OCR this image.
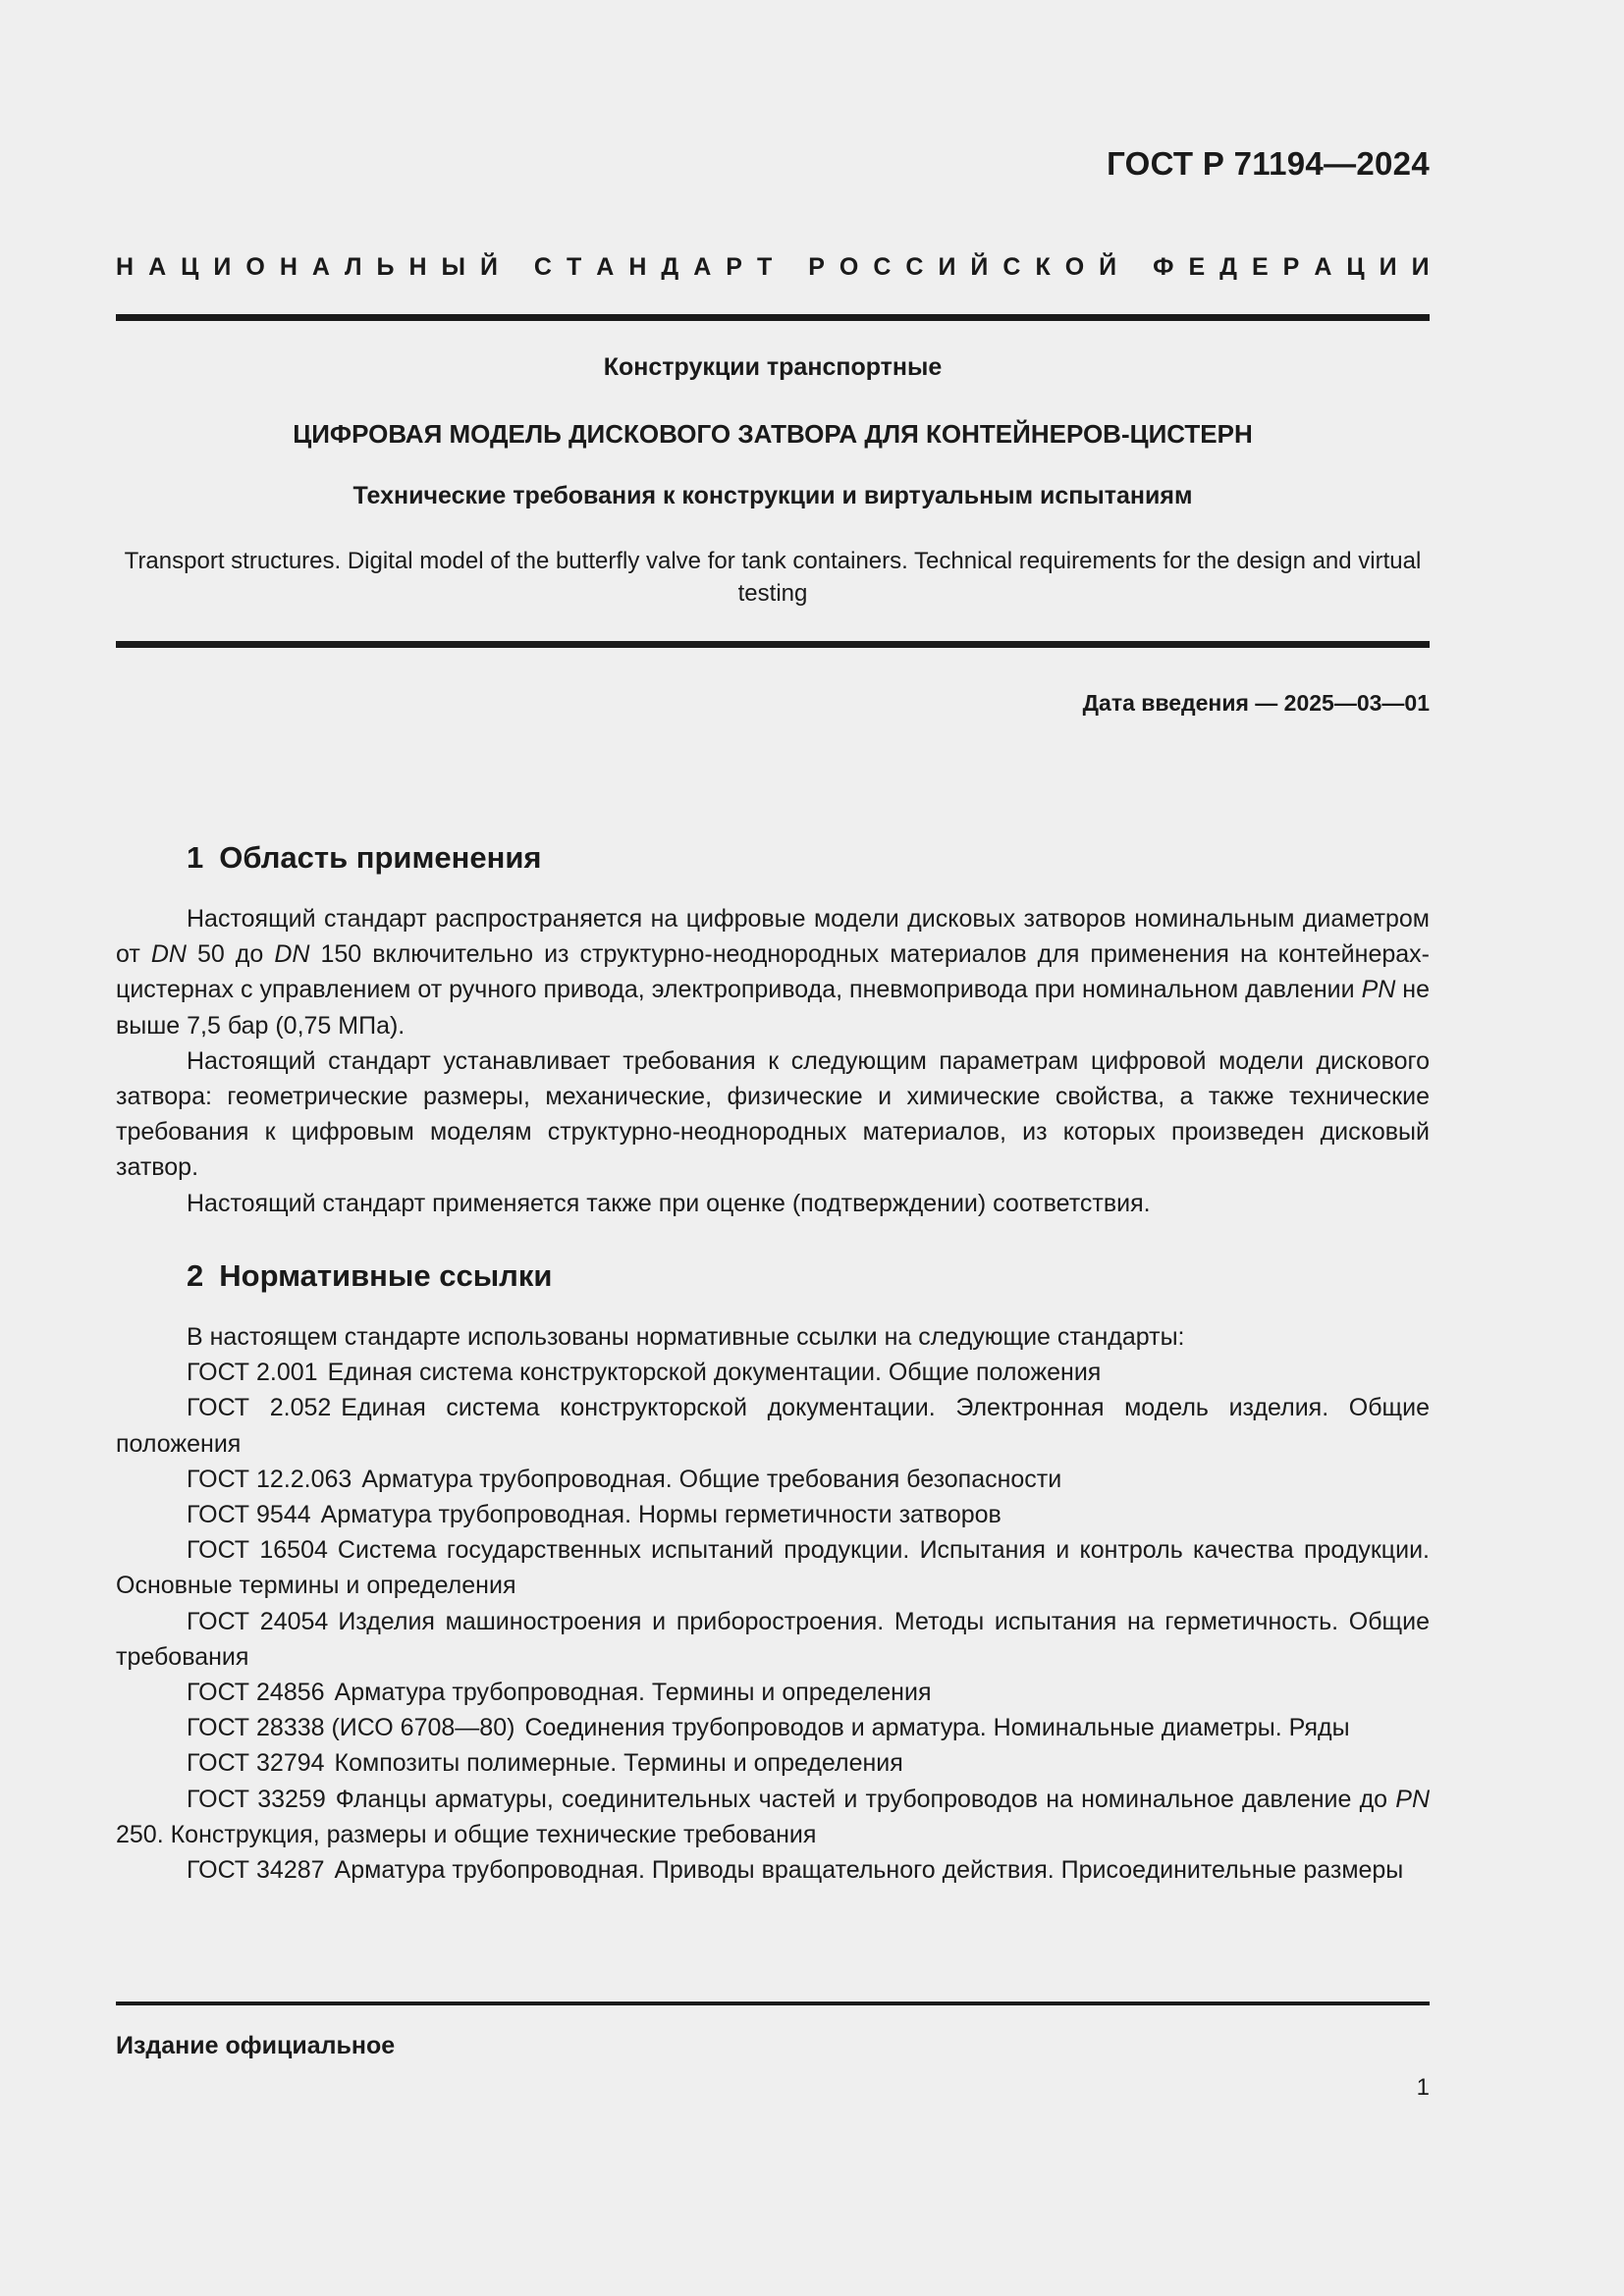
ГОСТ Р 71194—2024
Н А Ц И О Н А Л Ь Н Ы Й
С Т А Н Д А Р Т
Р О С С И Й С К О Й
Ф Е Д Е Р А Ц И И
Конструкции транспортные
ЦИФРОВАЯ МОДЕЛЬ ДИСКОВОГО ЗАТВОРА ДЛЯ КОНТЕЙНЕРОВ-ЦИСТЕРН
Технические требования к конструкции и виртуальным испытаниям
Transport structures. Digital model of the butterfly valve for tank containers. Technical requirements for the design and virtual testing
Дата введения — 2025—03—01
1 Область применения

Настоящий стандарт распространяется на цифровые модели дисковых затворов номинальным диаметром от DN 50 до DN 150 включительно из структурно-неоднородных материалов для применения на контейнерах-цистернах с управлением от ручного привода, электропривода, пневмопривода при номинальном давлении PN не выше 7,5 бар (0,75 МПа).

Настоящий стандарт устанавливает требования к следующим параметрам цифровой модели дискового затвора: геометрические размеры, механические, физические и химические свойства, а также технические требования к цифровым моделям структурно-неоднородных материалов, из которых произведен дисковый затвор.

Настоящий стандарт применяется также при оценке (подтверждении) соответствия.

2 Нормативные ссылки

В настоящем стандарте использованы нормативные ссылки на следующие стандарты:

ГОСТ 2.001 Единая система конструкторской документации. Общие положения

ГОСТ 2.052 Единая система конструкторской документации. Электронная модель изделия. Общие положения

ГОСТ 12.2.063 Арматура трубопроводная. Общие требования безопасности

ГОСТ 9544 Арматура трубопроводная. Нормы герметичности затворов

ГОСТ 16504 Система государственных испытаний продукции. Испытания и контроль качества продукции. Основные термины и определения

ГОСТ 24054 Изделия машиностроения и приборостроения. Методы испытания на герметичность. Общие требования

ГОСТ 24856 Арматура трубопроводная. Термины и определения

ГОСТ 28338 (ИСО 6708—80) Соединения трубопроводов и арматура. Номинальные диаметры. Ряды

ГОСТ 32794 Композиты полимерные. Термины и определения

ГОСТ 33259 Фланцы арматуры, соединительных частей и трубопроводов на номинальное давление до PN 250. Конструкция, размеры и общие технические требования

ГОСТ 34287 Арматура трубопроводная. Приводы вращательного действия. Присоединительные размеры

Издание официальное
1
